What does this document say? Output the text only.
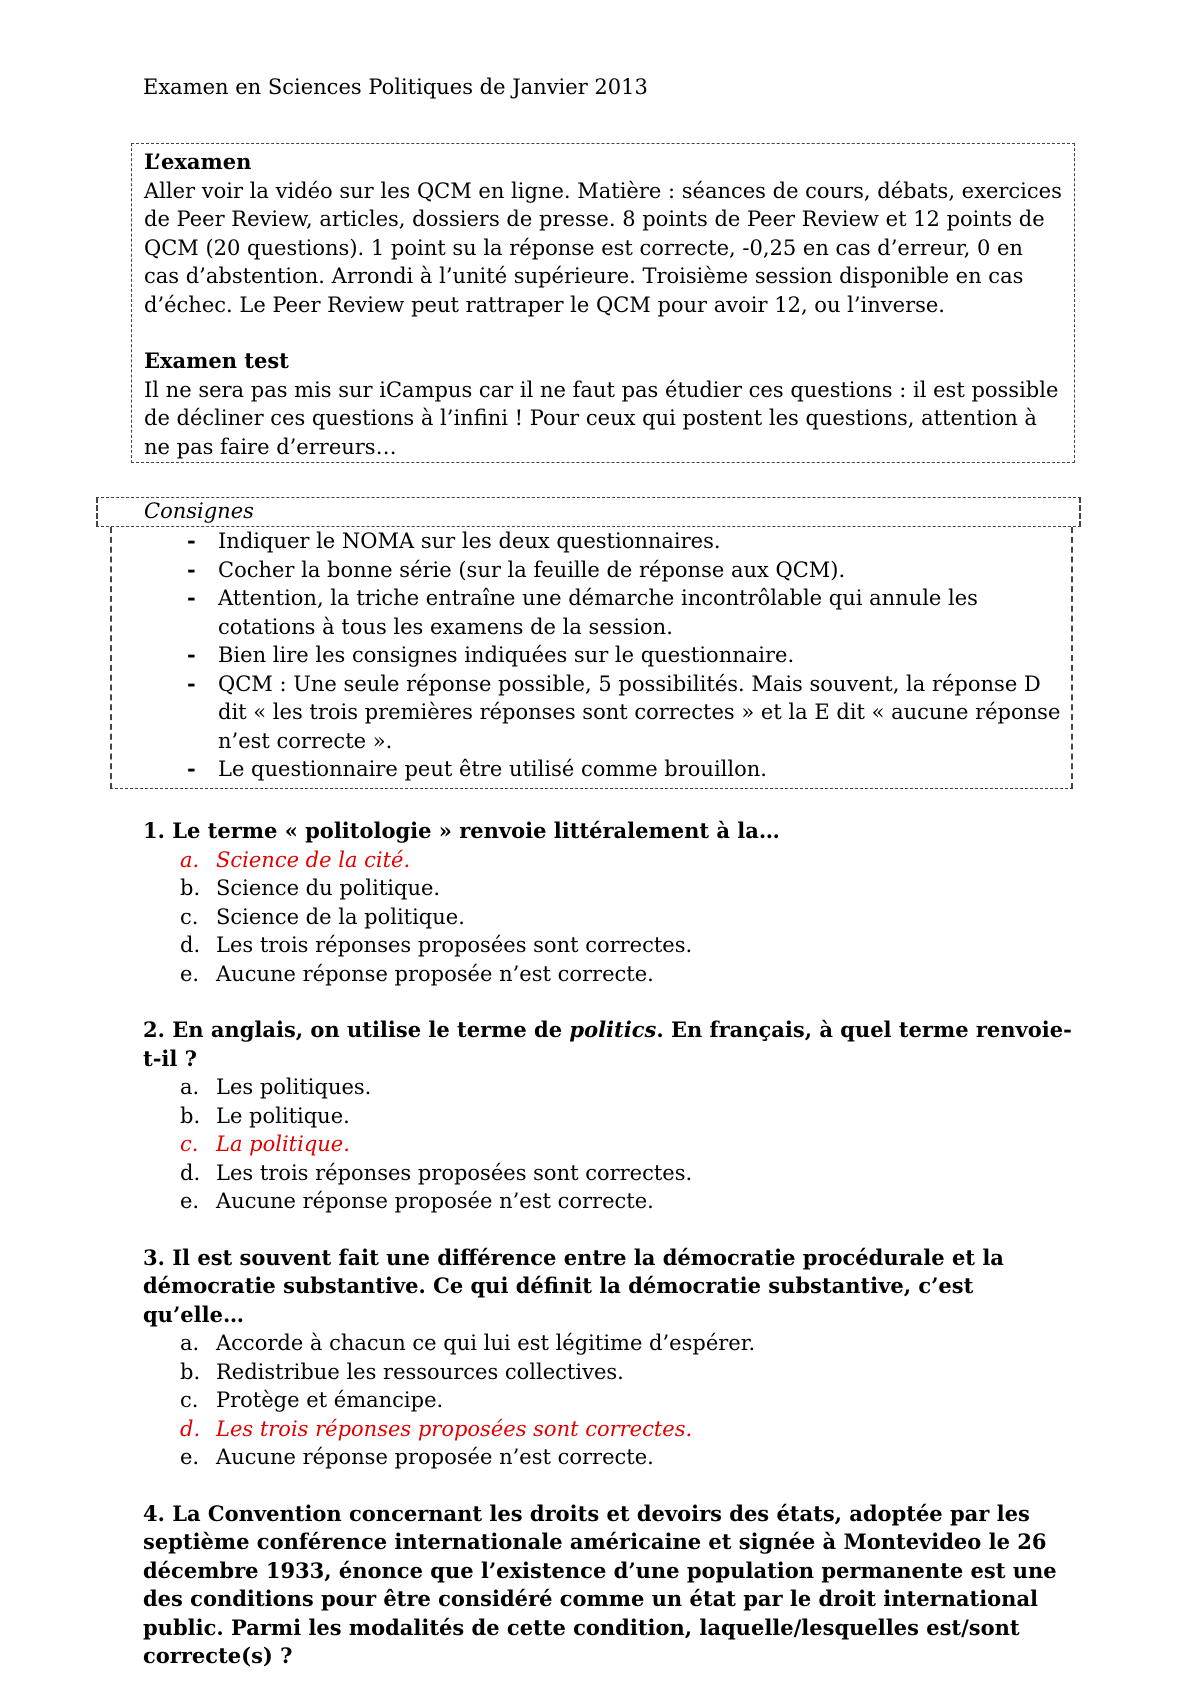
Examen en Sciences Politiques de Janvier 2013

L’examen

Aller voir la vidéo sur les QCM en ligne. Matière : séances de cours, débats, exercices de Peer Review, articles, dossiers de presse. 8 points de Peer Review et 12 points de QCM (20 questions). 1 point su la réponse est correcte, -0,25 en cas d’erreur, 0 en cas d’abstention. Arrondi à l’unité supérieure. Troisième session disponible en cas d’échec. Le Peer Review peut rattraper le QCM pour avoir 12, ou l’inverse.

Examen test

Il ne sera pas mis sur iCampus car il ne faut pas étudier ces questions : il est possible de décliner ces questions à l’infini ! Pour ceux qui postent les questions, attention à ne pas faire d’erreurs…

Consignes
- Indiquer le NOMA sur les deux questionnaires.
- Cocher la bonne série (sur la feuille de réponse aux QCM).
- Attention, la triche entraîne une démarche incontrôlable qui annule les cotations à tous les examens de la session.
- Bien lire les consignes indiquées sur le questionnaire.
- QCM : Une seule réponse possible, 5 possibilités. Mais souvent, la réponse D dit « les trois premières réponses sont correctes » et la E dit « aucune réponse n’est correcte ».
- Le questionnaire peut être utilisé comme brouillon.
1. Le terme « politologie » renvoie littéralement à la…
a. Science de la cité.
b. Science du politique.
c. Science de la politique.
d. Les trois réponses proposées sont correctes.
e. Aucune réponse proposée n’est correcte.
2. En anglais, on utilise le terme de politics. En français, à quel terme renvoie-t-il ?
a. Les politiques.
b. Le politique.
c. La politique.
d. Les trois réponses proposées sont correctes.
e. Aucune réponse proposée n’est correcte.
3. Il est souvent fait une différence entre la démocratie procédurale et la démocratie substantive. Ce qui définit la démocratie substantive, c’est qu’elle…
a. Accorde à chacun ce qui lui est légitime d’espérer.
b. Redistribue les ressources collectives.
c. Protège et émancipe.
d. Les trois réponses proposées sont correctes.
e. Aucune réponse proposée n’est correcte.
4. La Convention concernant les droits et devoirs des états, adoptée par les septième conférence internationale américaine et signée à Montevideo le 26 décembre 1933, énonce que l’existence d’une population permanente est une des conditions pour être considéré comme un état par le droit international public. Parmi les modalités de cette condition, laquelle/lesquelles est/sont correcte(s) ?
